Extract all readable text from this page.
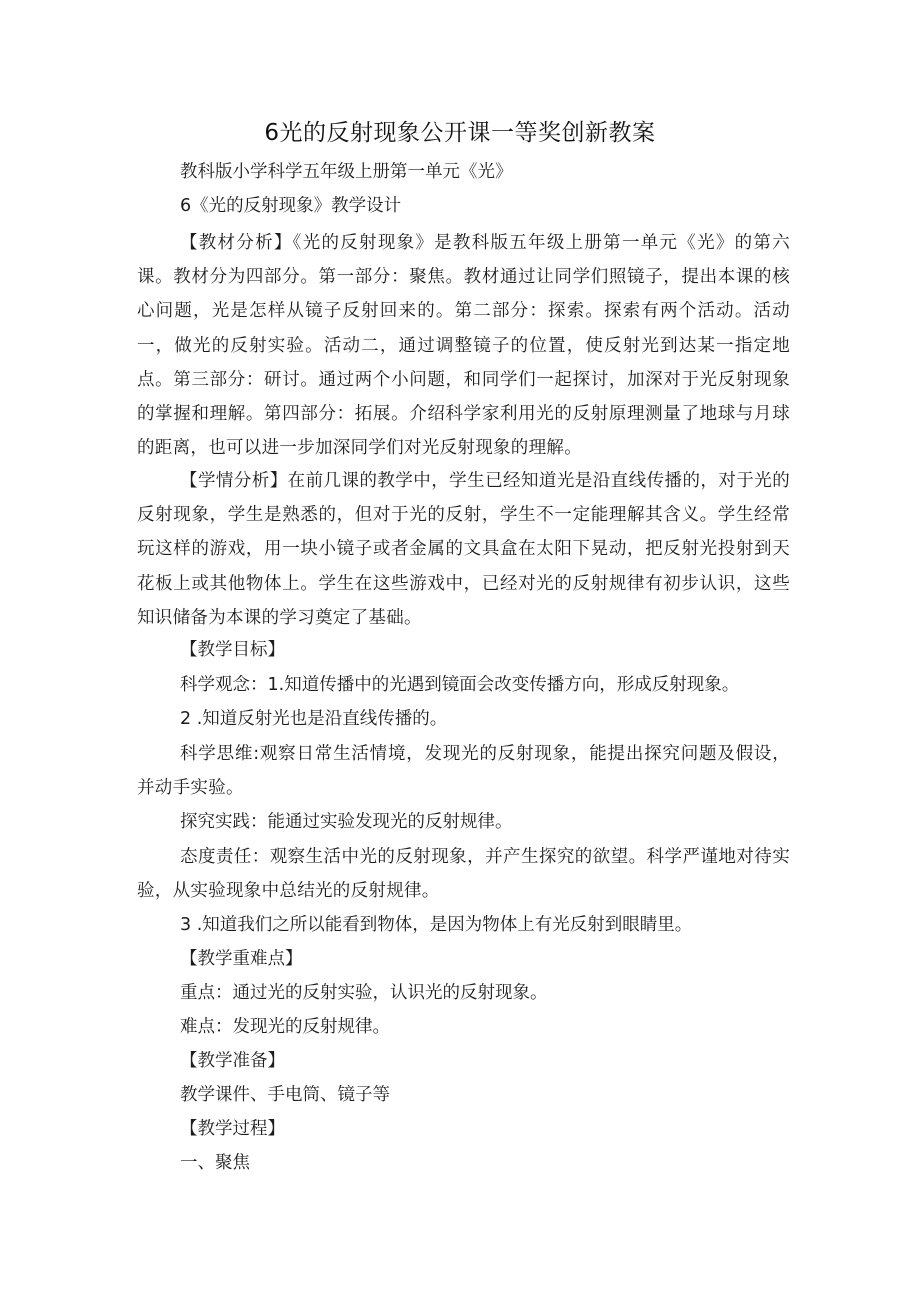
6光的反射现象公开课一等奖创新教案
教科版小学科学五年级上册第一单元《光》
6《光的反射现象》教学设计
【教材分析】《光的反射现象》是教科版五年级上册第一单元《光》的第六课。教材分为四部分。第一部分：聚焦。教材通过让同学们照镜子，提出本课的核心问题，光是怎样从镜子反射回来的。第二部分：探索。探索有两个活动。活动一，做光的反射实验。活动二，通过调整镜子的位置，使反射光到达某一指定地点。第三部分：研讨。通过两个小问题，和同学们一起探讨，加深对于光反射现象的掌握和理解。第四部分：拓展。介绍科学家利用光的反射原理测量了地球与月球的距离，也可以进一步加深同学们对光反射现象的理解。
【学情分析】在前几课的教学中，学生已经知道光是沿直线传播的，对于光的反射现象，学生是熟悉的，但对于光的反射，学生不一定能理解其含义。学生经常玩这样的游戏，用一块小镜子或者金属的文具盒在太阳下晃动，把反射光投射到天花板上或其他物体上。学生在这些游戏中，已经对光的反射规律有初步认识，这些知识储备为本课的学习奠定了基础。
【教学目标】
科学观念：1.知道传播中的光遇到镜面会改变传播方向，形成反射现象。
2 .知道反射光也是沿直线传播的。
科学思维:观察日常生活情境，发现光的反射现象，能提出探究问题及假设，并动手实验。
探究实践：能通过实验发现光的反射规律。
态度责任：观察生活中光的反射现象，并产生探究的欲望。科学严谨地对待实验，从实验现象中总结光的反射规律。
3 .知道我们之所以能看到物体，是因为物体上有光反射到眼睛里。
【教学重难点】
重点：通过光的反射实验，认识光的反射现象。
难点：发现光的反射规律。
【教学准备】
教学课件、手电筒、镜子等
【教学过程】
一、聚焦
